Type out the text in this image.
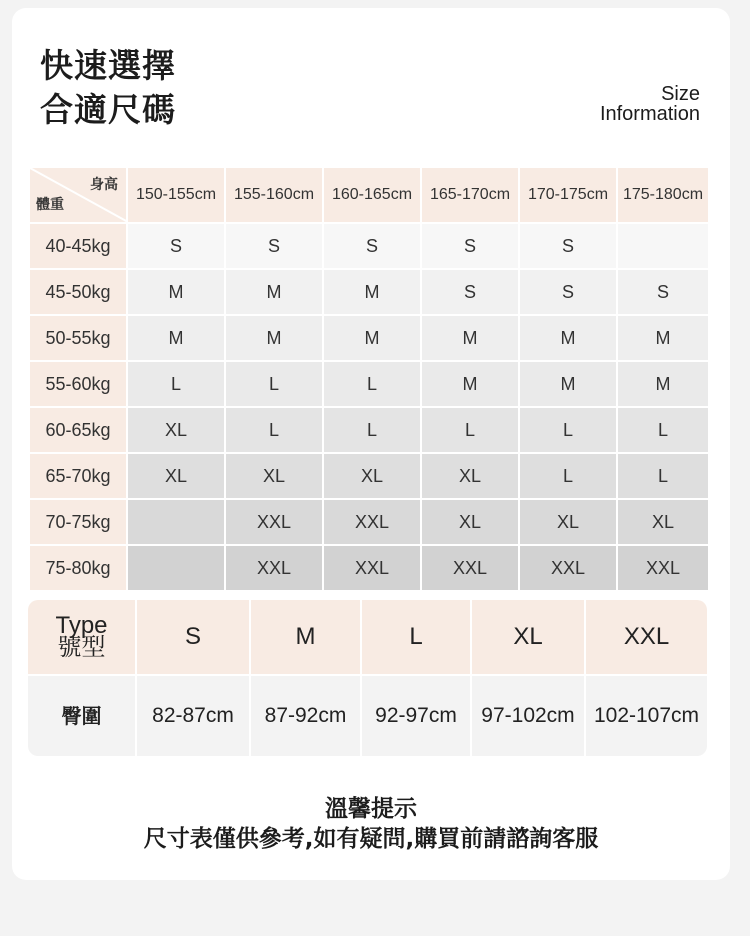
快速選擇
合適尺碼	Size
Information
身高
體重	150-155cm	155-160cm	160-165cm	165-170cm	170-175cm	175-180cm
40-45kg	S	S	S	S	S	
45-50kg	M	M	M	S	S	S
50-55kg	M	M	M	M	M	M
55-60kg	L	L	L	M	M	M
60-65kg	XL	L	L	L	L	L
65-70kg	XL	XL	XL	XL	L	L
70-75kg		XXL	XXL	XL	XL	XL
75-80kg		XXL	XXL	XXL	XXL	XXL
Type
號型	S	M	L	XL	XXL
臀圍	82-87cm	87-92cm	92-97cm	97-102cm	102-107cm
溫馨提示
尺寸表僅供參考,如有疑問,購買前請諮詢客服
